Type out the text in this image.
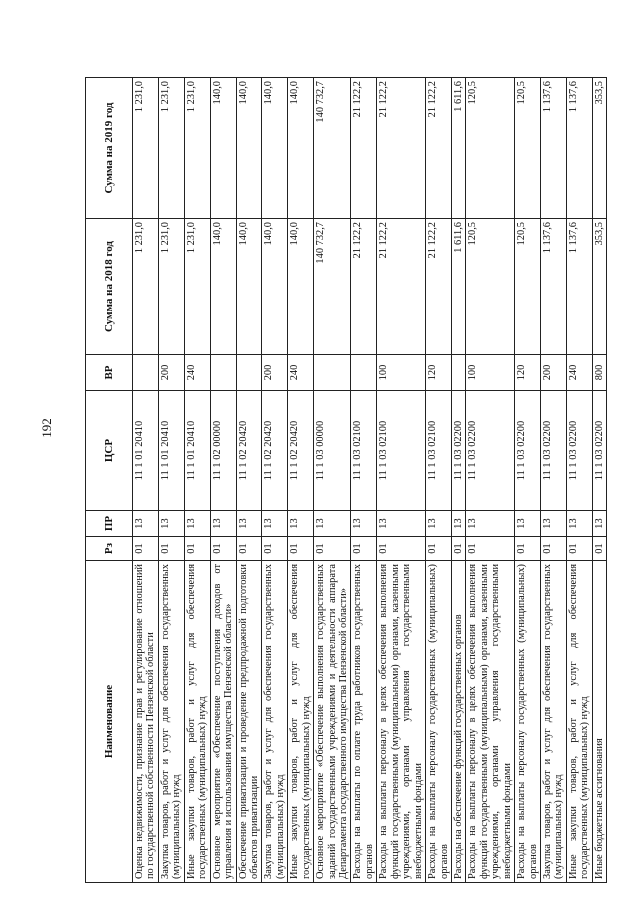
192
Наименование	Рз	ПР	ЦСР	ВР	Сумма на 2018 год	Сумма на 2019 год
Оценка недвижимости, признание прав и регулирование отношений по государственной собственности Пензенской области	01	13	11 1 01 20410		1 231,0	1 231,0
Закупка товаров, работ и услуг для обеспечения государственных (муниципальных) нужд	01	13	11 1 01 20410	200	1 231,0	1 231,0
Иные закупки товаров, работ и услуг для обеспечения государственных (муниципальных) нужд	01	13	11 1 01 20410	240	1 231,0	1 231,0
Основное мероприятие «Обеспечение поступления доходов от управления и использования имущества Пензенской области»	01	13	11 1 02 00000		140,0	140,0
Обеспечение приватизации и проведение предпродажной подготовки объектов приватизации	01	13	11 1 02 20420		140,0	140,0
Закупка товаров, работ и услуг для обеспечения государственных (муниципальных) нужд	01	13	11 1 02 20420	200	140,0	140,0
Иные закупки товаров, работ и услуг для обеспечения государственных (муниципальных) нужд	01	13	11 1 02 20420	240	140,0	140,0
Основное мероприятие «Обеспечение выполнения государственных заданий государственными учреждениями и деятельности аппарата Департамента государственного имущества Пензенской области»	01	13	11 1 03 00000		140 732,7	140 732,7
Расходы на выплаты по оплате труда работников государственных органов	01	13	11 1 03 02100		21 122,2	21 122,2
Расходы на выплаты персоналу в целях обеспечения выполнения функций государственными (муниципальными) органами, казенными учреждениями, органами управления государственными внебюджетными фондами	01	13	11 1 03 02100	100	21 122,2	21 122,2
Расходы на выплаты персоналу государственных (муниципальных) органов	01	13	11 1 03 02100	120	21 122,2	21 122,2
Расходы на обеспечение функций государственных органов	01	13	11 1 03 02200		1 611,6	1 611,6
Расходы на выплаты персоналу в целях обеспечения выполнения функций государственными (муниципальными) органами, казенными учреждениями, органами управления государственными внебюджетными фондами	01	13	11 1 03 02200	100	120,5	120,5
Расходы на выплаты персоналу государственных (муниципальных) органов	01	13	11 1 03 02200	120	120,5	120,5
Закупка товаров, работ и услуг для обеспечения государственных (муниципальных) нужд	01	13	11 1 03 02200	200	1 137,6	1 137,6
Иные закупки товаров, работ и услуг для обеспечения государственных (муниципальных) нужд	01	13	11 1 03 02200	240	1 137,6	1 137,6
Иные бюджетные ассигнования	01	13	11 1 03 02200	800	353,5	353,5
